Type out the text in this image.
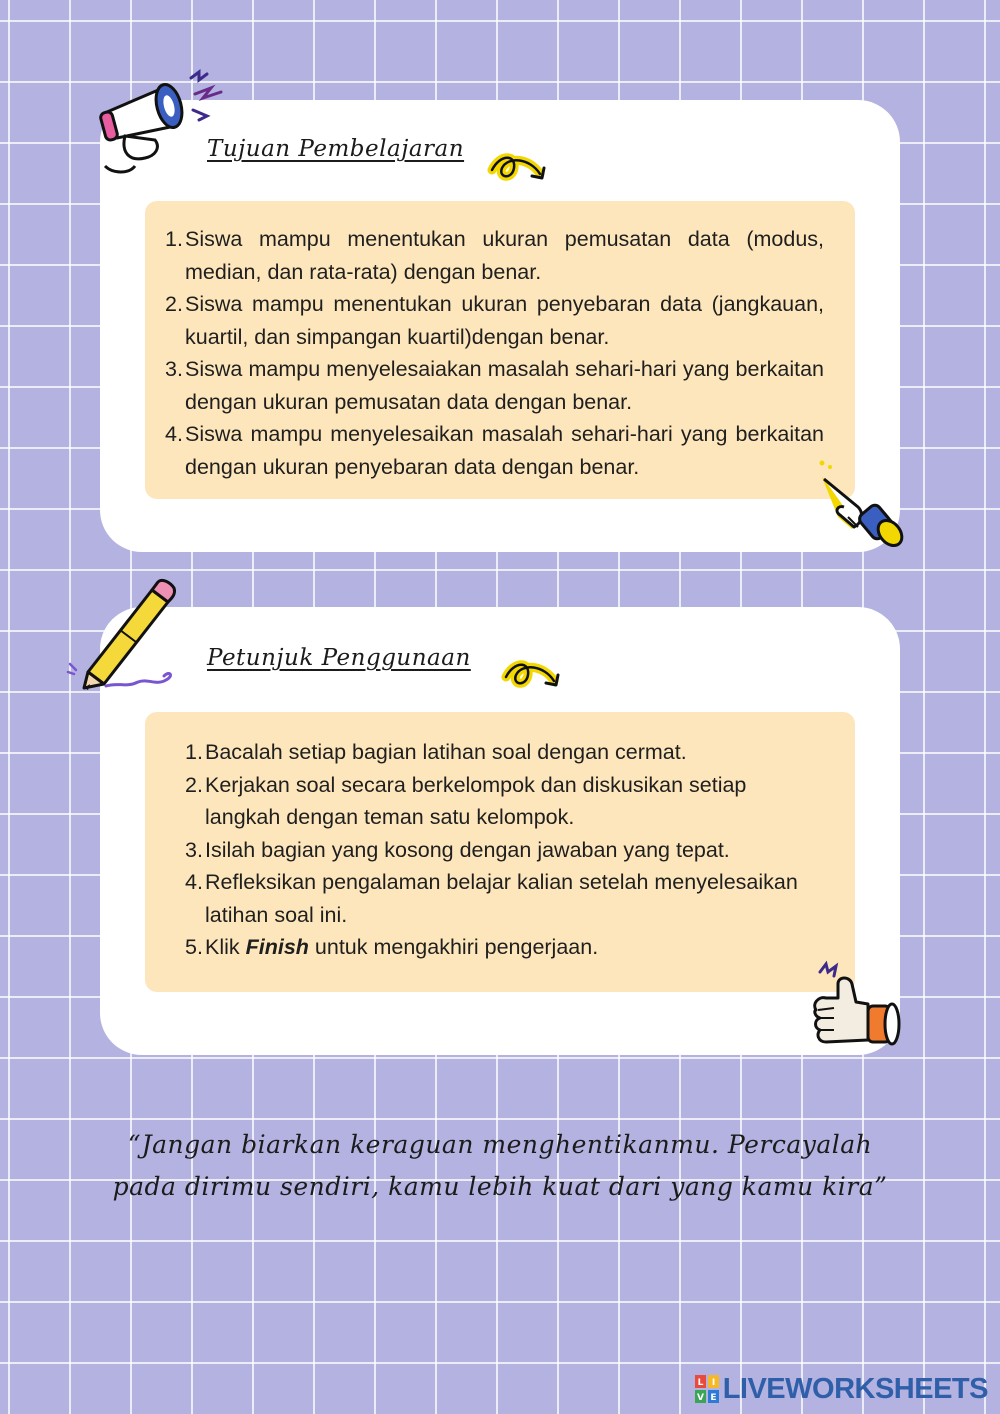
Tujuan Pembelajaran
1 . Siswa mampu menentukan ukuran pemusatan data (modus, median, dan rata-rata) dengan benar.
2 . Siswa mampu menentukan ukuran penyebaran data (jangkauan, kuartil, dan simpangan kuartil)dengan benar.
3 . Siswa mampu menyelesaiakan masalah sehari-hari yang berkaitan dengan ukuran pemusatan data dengan benar.
4 . Siswa mampu menyelesaikan masalah sehari-hari yang berkaitan dengan ukuran penyebaran data dengan benar.
Petunjuk Penggunaan
1 . Bacalah setiap bagian latihan soal dengan cermat.
2 . Kerjakan soal secara berkelompok dan diskusikan setiap langkah dengan teman satu kelompok.
3 . Isilah bagian yang kosong dengan jawaban yang tepat.
4 . Refleksikan pengalaman belajar kalian setelah menyelesaikan latihan soal ini.
5 . Klik Finish untuk mengakhiri pengerjaan.

“Jangan biarkan keraguan menghentikanmu. Percayalah pada dirimu sendiri, kamu lebih kuat dari yang kamu kira”

L I
V E LIVEWORKSHEETS
